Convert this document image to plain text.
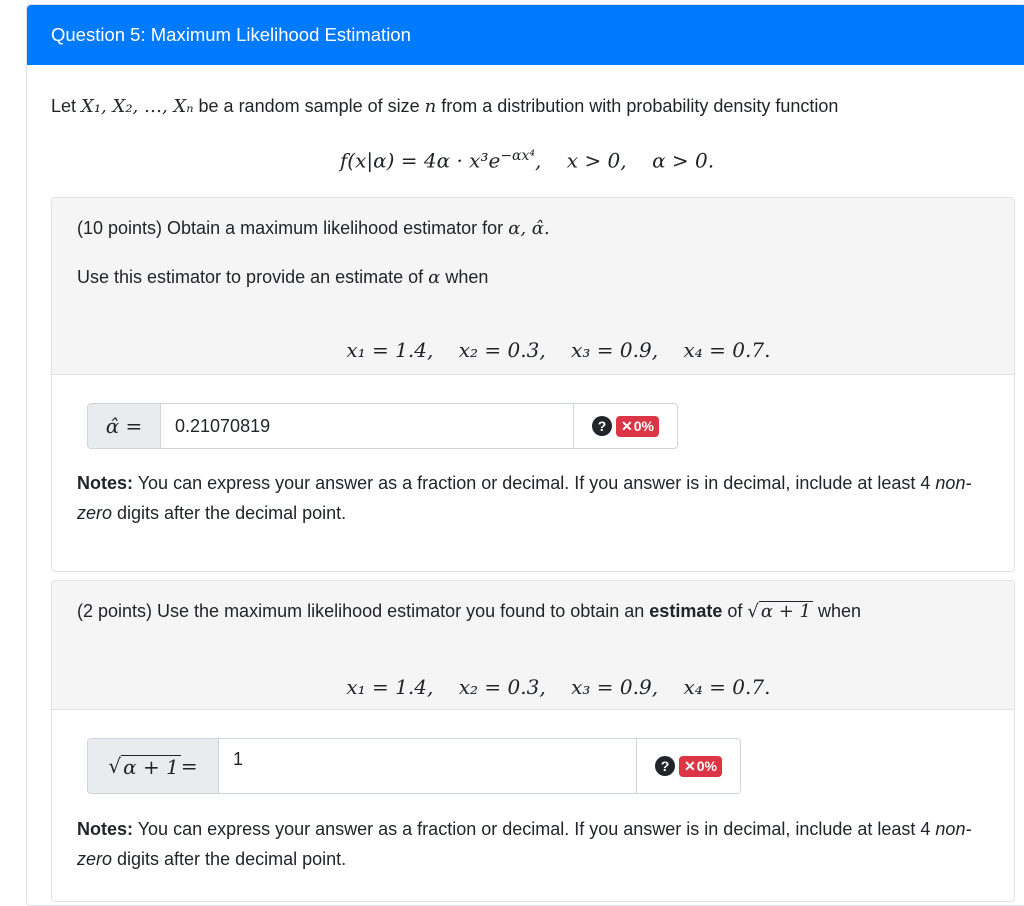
Question 5: Maximum Likelihood Estimation
Let X₁, X₂, …, Xₙ be a random sample of size n from a distribution with probability density function
$f(x|\alpha) = 4\alpha \cdot x^3e^{-\alpha x^4}$,    x > 0,    α > 0.
(10 points) Obtain a maximum likelihood estimator for α, α̂.
Use this estimator to provide an estimate of α when

x₁ = 1.4,    x₂ = 0.3,    x₃ = 0.9,    x₄ = 0.7.

α̂ =
0.21070819	?	✕ 0%
Notes: You can express your answer as a fraction or decimal. If you answer is in decimal, include at least 4 non-zero digits after the decimal point.
(2 points) Use the maximum likelihood estimator you found to obtain an estimate of √ α + 1 when

x₁ = 1.4,    x₂ = 0.3,    x₃ = 0.9,    x₄ = 0.7.

√ α + 1 =
1	?	✕ 0%
Notes: You can express your answer as a fraction or decimal. If you answer is in decimal, include at least 4 non-zero digits after the decimal point.
